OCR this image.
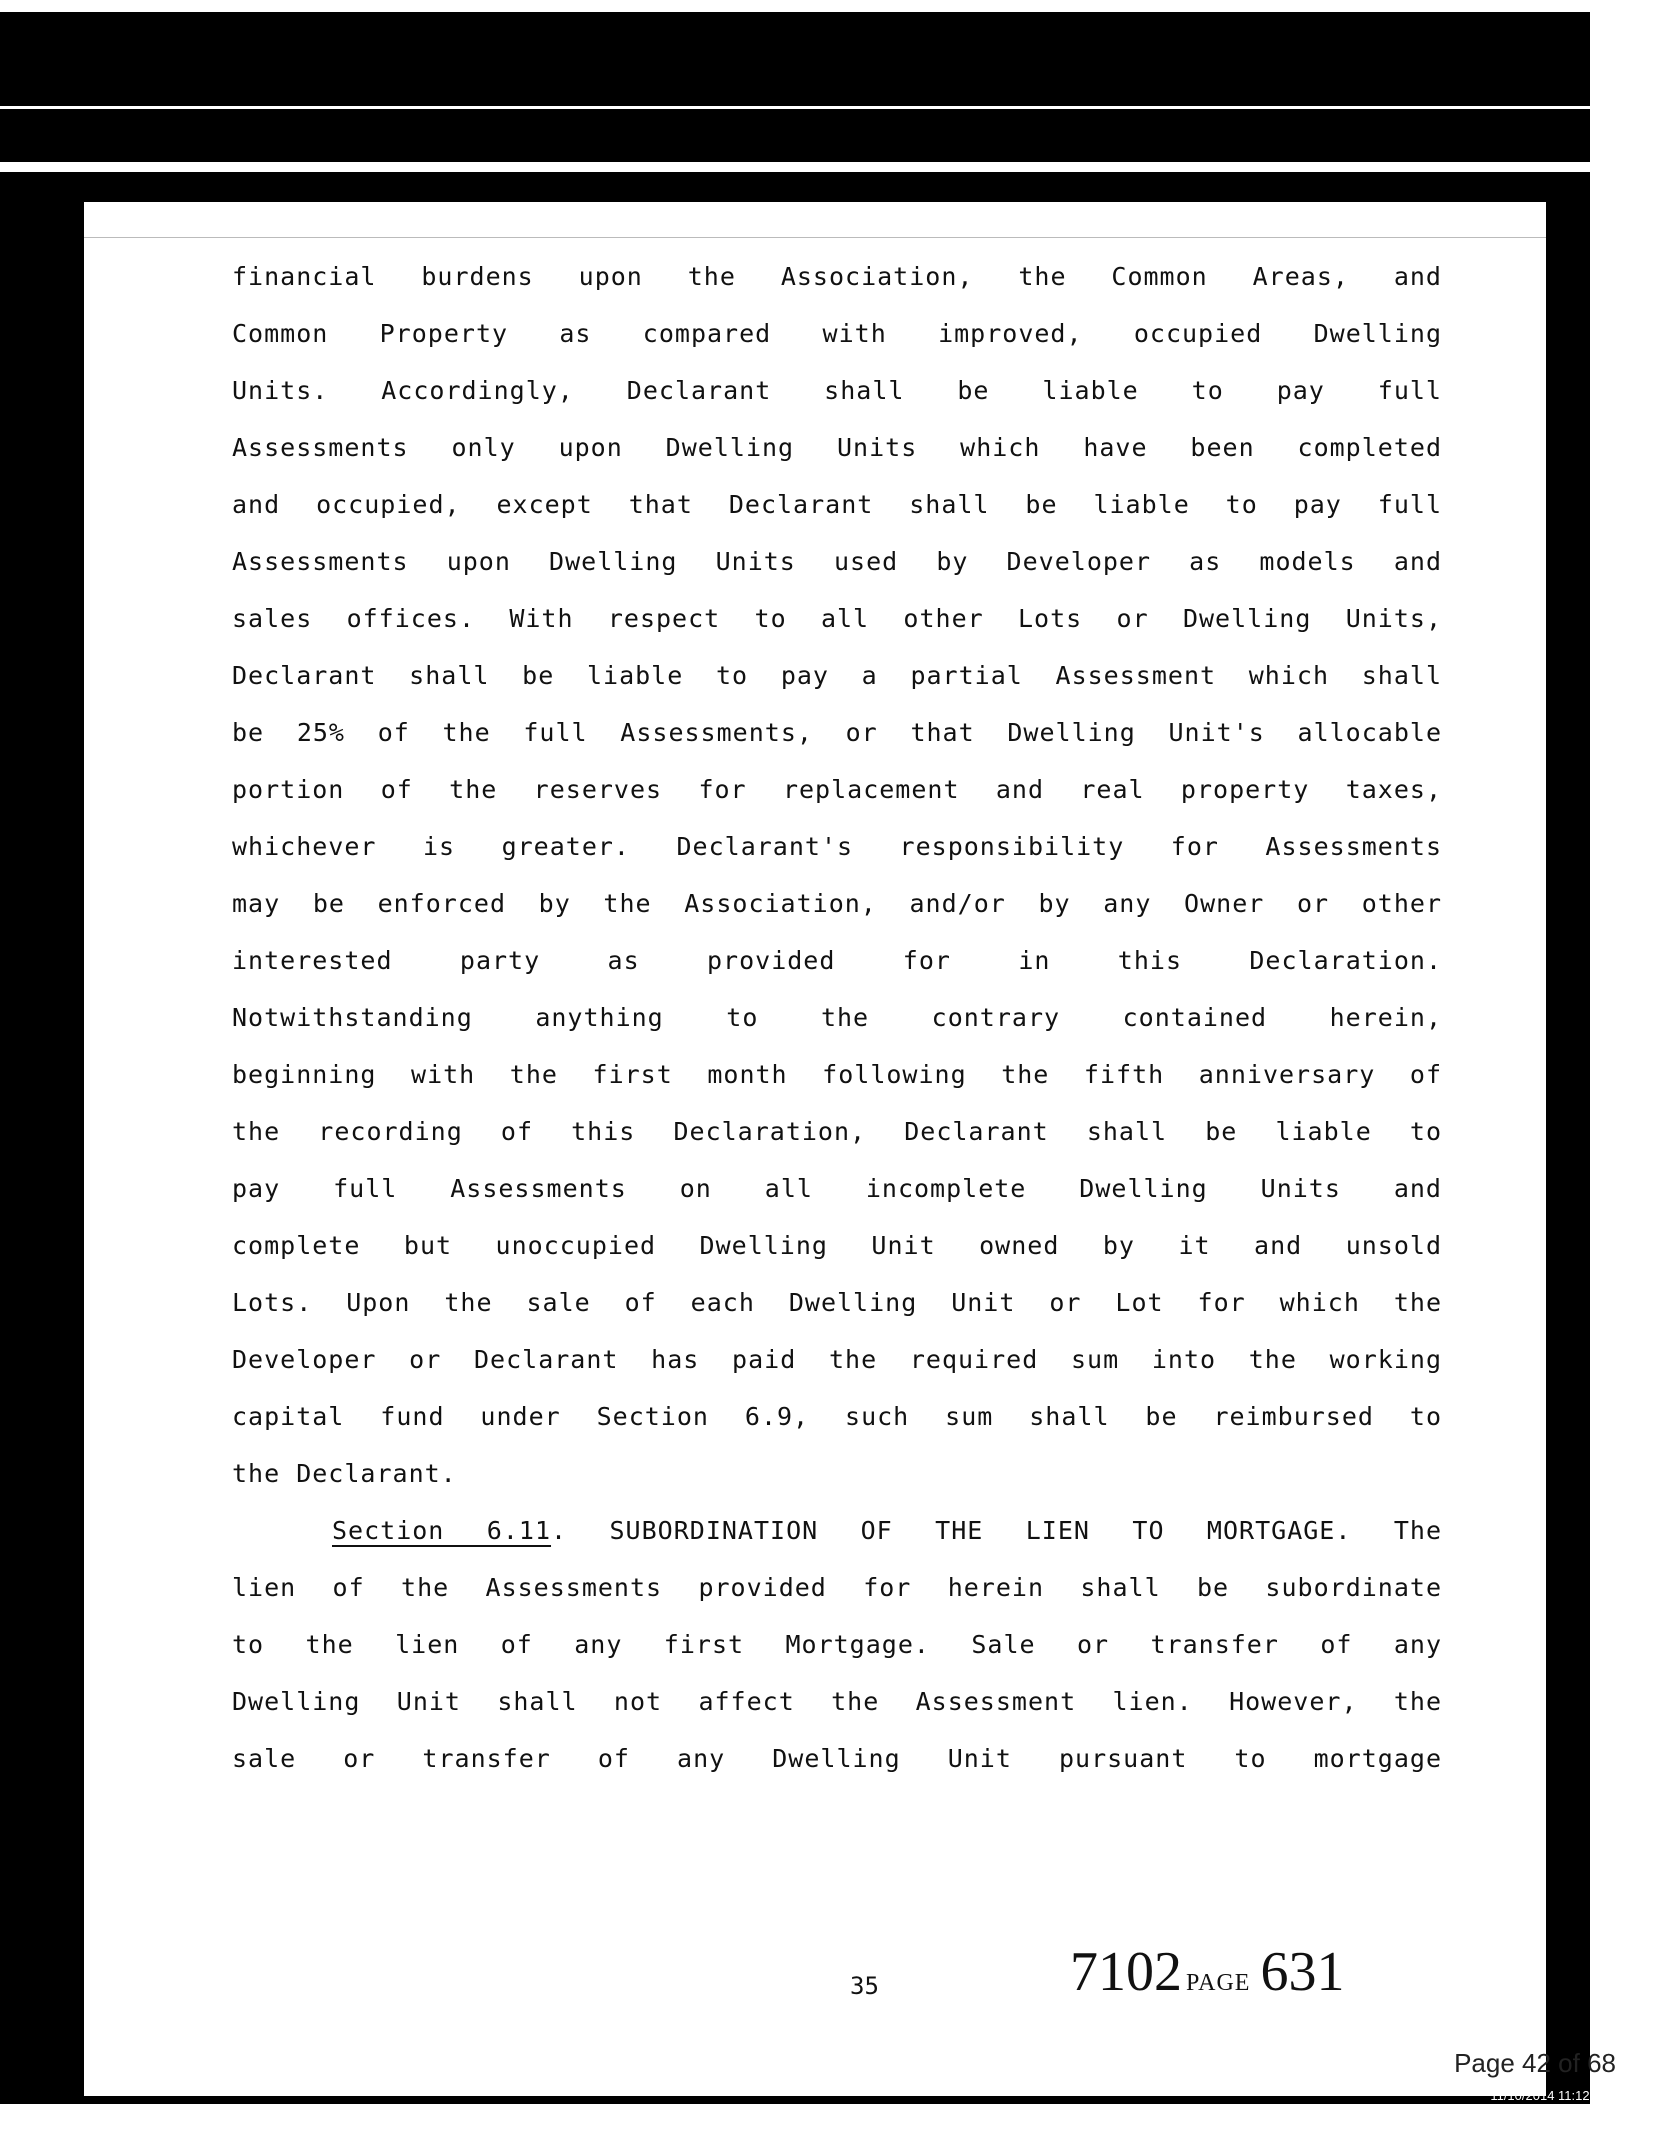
financial burdens upon the Association, the Common Areas, and
Common Property as compared with improved, occupied Dwelling
Units. Accordingly, Declarant shall be liable to pay full
Assessments only upon Dwelling Units which have been completed
and occupied, except that Declarant shall be liable to pay full
Assessments upon Dwelling Units used by Developer as models and
sales offices. With respect to all other Lots or Dwelling Units,
Declarant shall be liable to pay a partial Assessment which shall
be 25% of the full Assessments, or that Dwelling Unit's allocable
portion of the reserves for replacement and real property taxes,
whichever is greater. Declarant's responsibility for Assessments
may be enforced by the Association, and/or by any Owner or other
interested party as provided for in this Declaration.
Notwithstanding anything to the contrary contained herein,
beginning with the first month following the fifth anniversary of
the recording of this Declaration, Declarant shall be liable to
pay full Assessments on all incomplete Dwelling Units and
complete but unoccupied Dwelling Unit owned by it and unsold
Lots. Upon the sale of each Dwelling Unit or Lot for which the
Developer or Declarant has paid the required sum into the working
capital fund under Section 6.9, such sum shall be reimbursed to
the Declarant.
Section 6.11. SUBORDINATION OF THE LIEN TO MORTGAGE. The
lien of the Assessments provided for herein shall be subordinate
to the lien of any first Mortgage. Sale or transfer of any
Dwelling Unit shall not affect the Assessment lien. However, the
sale or transfer of any Dwelling Unit pursuant to mortgage
35	7102 PAGE 631
Page 42 of 68
11/10/2014 11:12 AM
